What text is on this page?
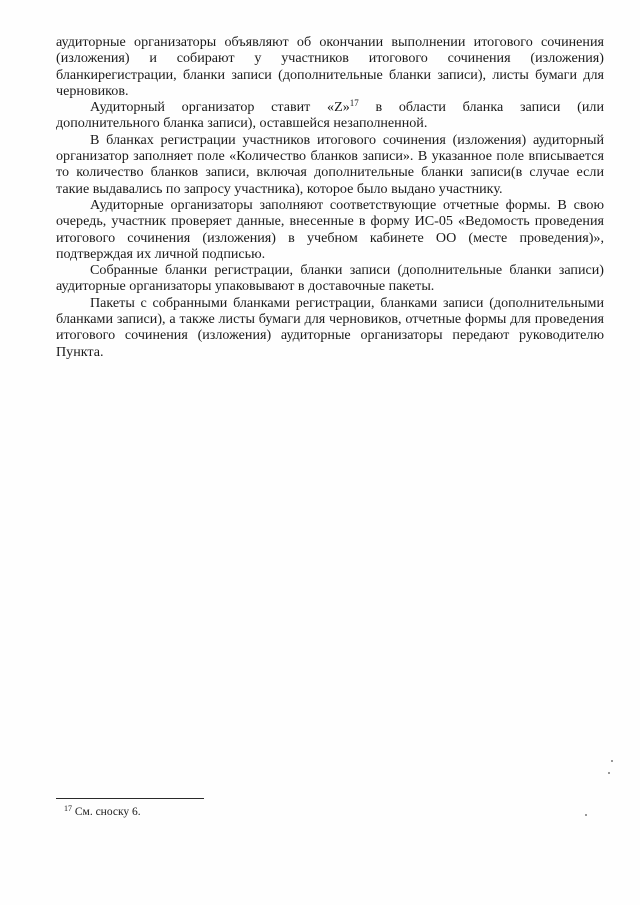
аудиторные организаторы объявляют об окончании выполнении итогового сочинения (изложения) и собирают у участников итогового сочинения (изложения) бланкирегистрации, бланки записи (дополнительные бланки записи), листы бумаги для черновиков.

Аудиторный организатор ставит «Z»$^{17}$ в области бланка записи (или дополнительного бланка записи), оставшейся незаполненной.

В бланках регистрации участников итогового сочинения (изложения) аудиторный организатор заполняет поле «Количество бланков записи». В указанное поле вписывается то количество бланков записи, включая дополнительные бланки записи(в случае если такие выдавались по запросу участника), которое было выдано участнику.

Аудиторные организаторы заполняют соответствующие отчетные формы. В свою очередь, участник проверяет данные, внесенные в форму ИС-05 «Ведомость проведения итогового сочинения (изложения) в учебном кабинете ОО (месте проведения)», подтверждая их личной подписью.

Собранные бланки регистрации, бланки записи (дополнительные бланки записи) аудиторные организаторы упаковывают в доставочные пакеты.

Пакеты с собранными бланками регистрации, бланками записи (дополнительными бланками записи), а также листы бумаги для черновиков, отчетные формы для проведения итогового сочинения (изложения) аудиторные организаторы передают руководителю Пункта.

$^{17}$ См. сноску 6.
